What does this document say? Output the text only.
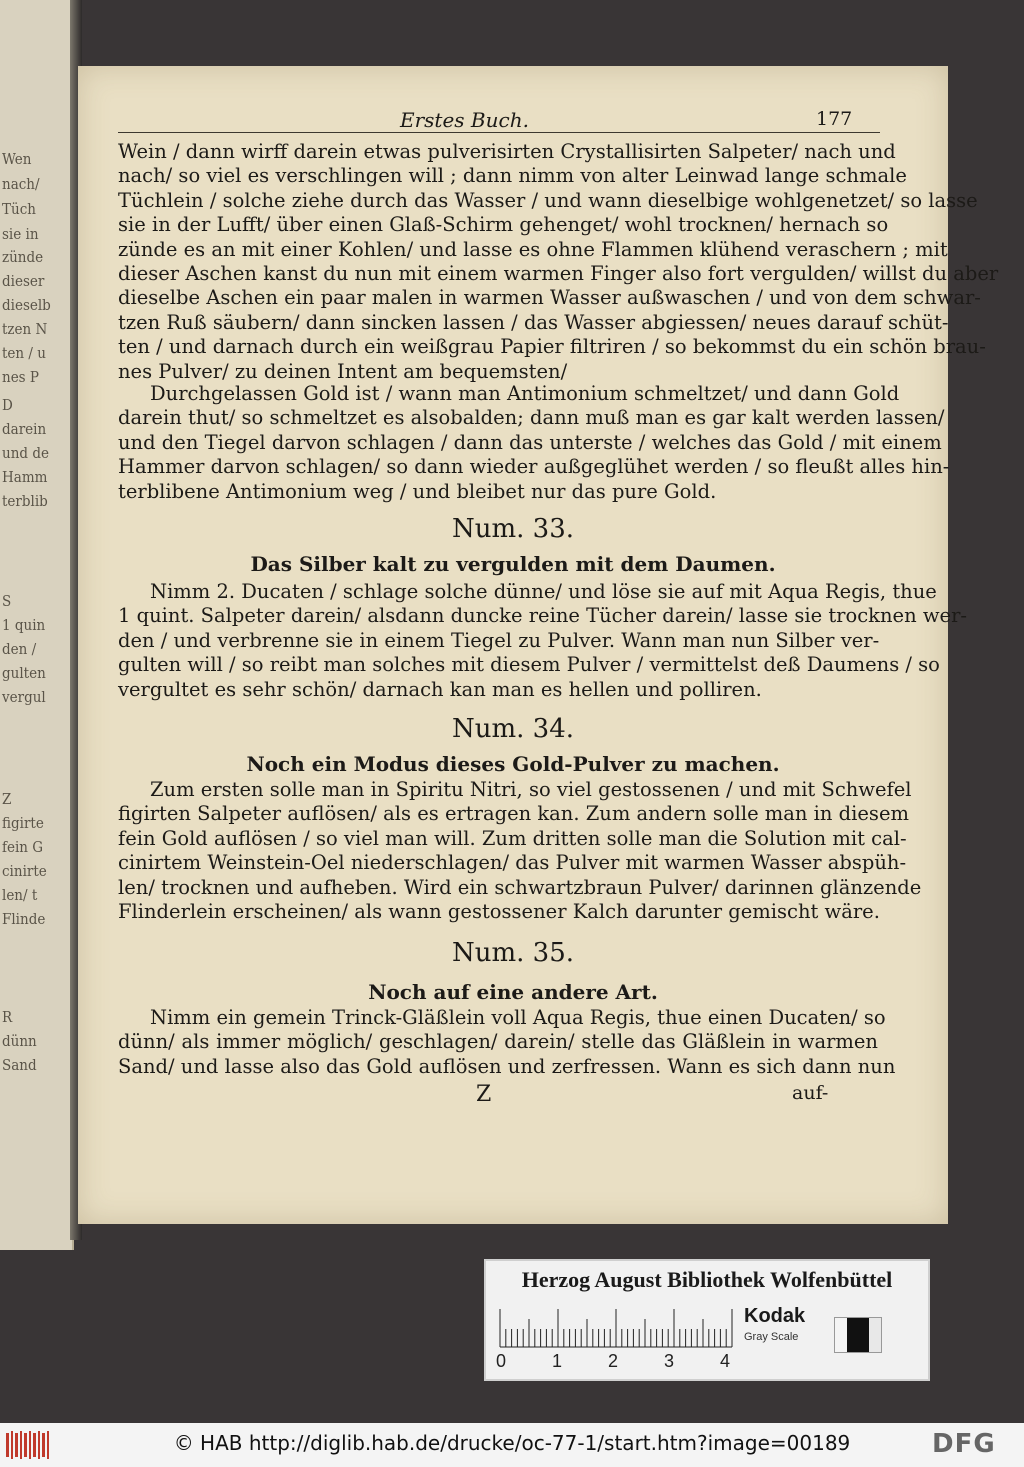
Wen
nach/
Tüch
sie in
zünde
dieser
dieselb
tzen N
ten / u
nes P
D
darein
und de
Hamm
terblib
S
1 quin
den /
gulten
vergul
Z
figirte
fein G
cinirte
len/ t
Flinde
R
dünn
Sand
Erstes Buch.	177
Wein / dann wirff darein etwas pulverisirten Crystallisirten Salpeter/ nach und
nach/ so viel es verschlingen will ; dann nimm von alter Leinwad lange schmale
Tüchlein / solche ziehe durch das Wasser / und wann dieselbige wohlgenetzet/ so lasse
sie in der Lufft/ über einen Glaß-Schirm gehenget/ wohl trocknen/ hernach so
zünde es an mit einer Kohlen/ und lasse es ohne Flammen klühend veraschern ; mit
dieser Aschen kanst du nun mit einem warmen Finger also fort vergulden/ willst du aber
dieselbe Aschen ein paar malen in warmen Wasser außwaschen / und von dem schwar-
tzen Ruß säubern/ dann sincken lassen / das Wasser abgiessen/ neues darauf schüt-
ten / und darnach durch ein weißgrau Papier filtriren / so bekommst du ein schön brau-
nes Pulver/ zu deinen Intent am bequemsten/
Durchgelassen Gold ist / wann man Antimonium schmeltzet/ und dann Gold
darein thut/ so schmeltzet es alsobalden; dann muß man es gar kalt werden lassen/
und den Tiegel darvon schlagen / dann das unterste / welches das Gold / mit einem
Hammer darvon schlagen/ so dann wieder außgeglühet werden / so fleußt alles hin-
terblibene Antimonium weg / und bleibet nur das pure Gold.
Num. 33.
Das Silber kalt zu vergulden mit dem Daumen.
Nimm 2. Ducaten / schlage solche dünne/ und löse sie auf mit Aqua Regis, thue
1 quint. Salpeter darein/ alsdann duncke reine Tücher darein/ lasse sie trocknen wer-
den / und verbrenne sie in einem Tiegel zu Pulver. Wann man nun Silber ver-
gulten will / so reibt man solches mit diesem Pulver / vermittelst deß Daumens / so
vergultet es sehr schön/ darnach kan man es hellen und polliren.
Num. 34.
Noch ein Modus dieses Gold-Pulver zu machen.
Zum ersten solle man in Spiritu Nitri, so viel gestossenen / und mit Schwefel
figirten Salpeter auflösen/ als es ertragen kan. Zum andern solle man in diesem
fein Gold auflösen / so viel man will. Zum dritten solle man die Solution mit cal-
cinirtem Weinstein-Oel niederschlagen/ das Pulver mit warmen Wasser abspüh-
len/ trocknen und aufheben. Wird ein schwartzbraun Pulver/ darinnen glänzende
Flinderlein erscheinen/ als wann gestossener Kalch darunter gemischt wäre.
Num. 35.
Noch auf eine andere Art.
Nimm ein gemein Trinck-Gläßlein voll Aqua Regis, thue einen Ducaten/ so
dünn/ als immer möglich/ geschlagen/ darein/ stelle das Gläßlein in warmen
Sand/ und lasse also das Gold auflösen und zerfressen. Wann es sich dann nun
Z	auf-
Herzog August Bibliothek Wolfenbüttel
Kodak
Gray Scale
0	1	2	3	4
© HAB http://diglib.hab.de/drucke/oc-77-1/start.htm?image=00189	DFG
